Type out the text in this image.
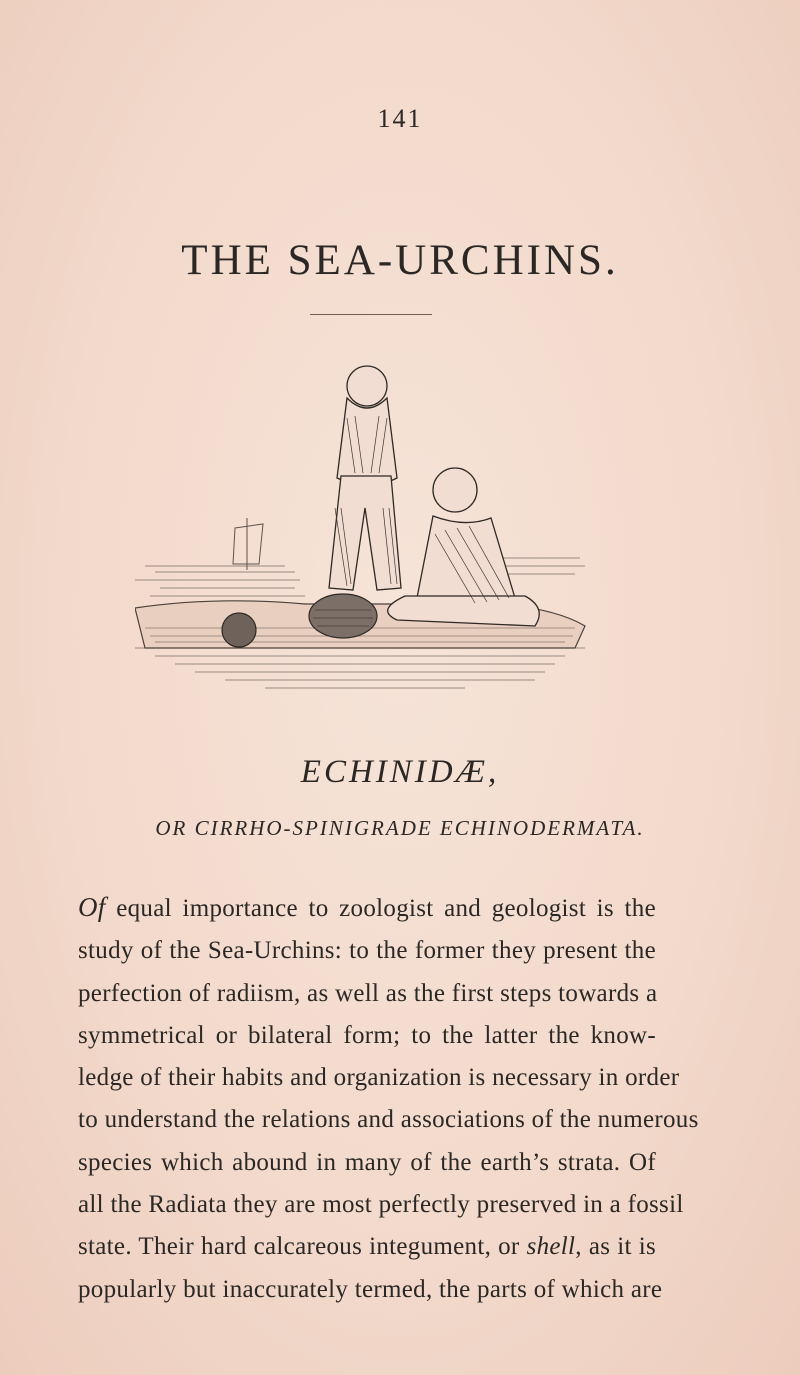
141
THE SEA-URCHINS.
ECHINIDÆ,
OR CIRRHO-SPINIGRADE ECHINODERMATA.
Of equal importance to zoologist and geologist is the
study of the Sea-Urchins: to the former they present the
perfection of radiism, as well as the first steps towards a
symmetrical or bilateral form; to the latter the know-
ledge of their habits and organization is necessary in order
to understand the relations and associations of the numerous
species which abound in many of the earth’s strata. Of
all the Radiata they are most perfectly preserved in a fossil
state. Their hard calcareous integument, or shell, as it is
popularly but inaccurately termed, the parts of which are
